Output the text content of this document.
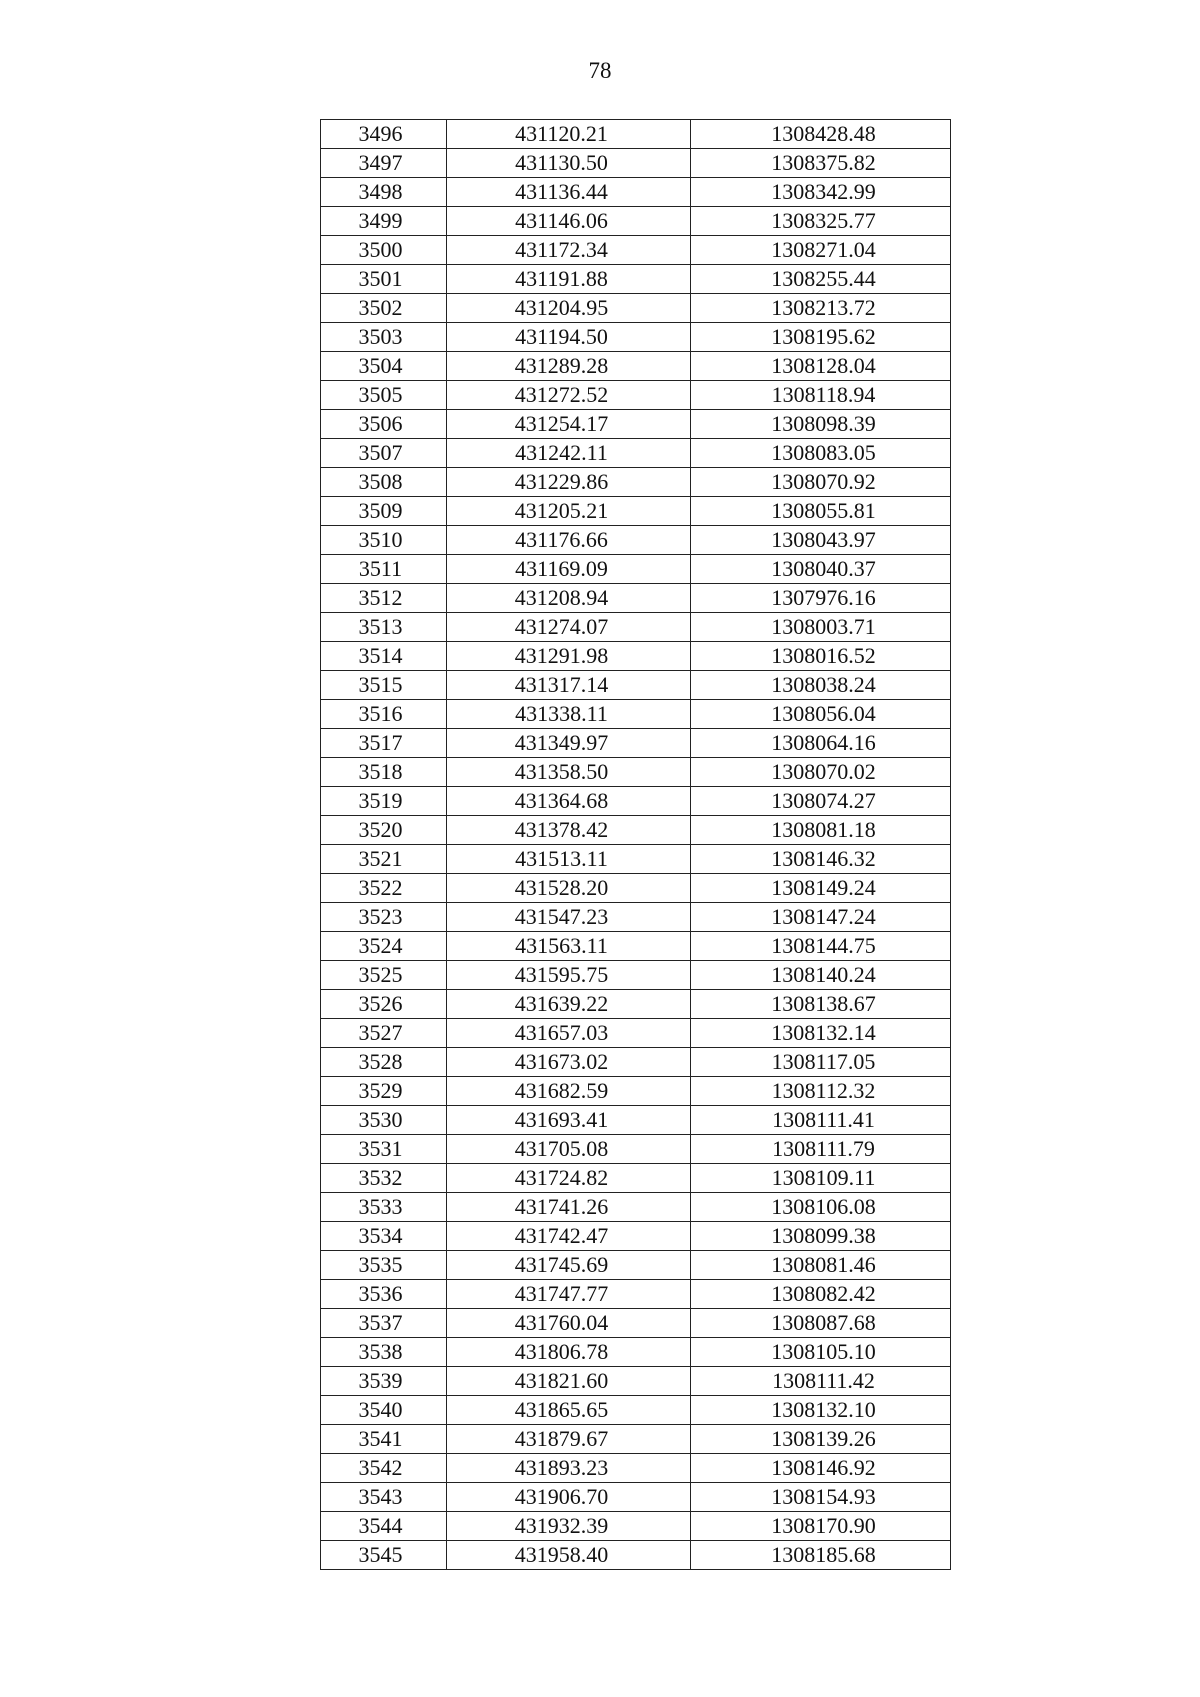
78
3496	431120.21	1308428.48
3497	431130.50	1308375.82
3498	431136.44	1308342.99
3499	431146.06	1308325.77
3500	431172.34	1308271.04
3501	431191.88	1308255.44
3502	431204.95	1308213.72
3503	431194.50	1308195.62
3504	431289.28	1308128.04
3505	431272.52	1308118.94
3506	431254.17	1308098.39
3507	431242.11	1308083.05
3508	431229.86	1308070.92
3509	431205.21	1308055.81
3510	431176.66	1308043.97
3511	431169.09	1308040.37
3512	431208.94	1307976.16
3513	431274.07	1308003.71
3514	431291.98	1308016.52
3515	431317.14	1308038.24
3516	431338.11	1308056.04
3517	431349.97	1308064.16
3518	431358.50	1308070.02
3519	431364.68	1308074.27
3520	431378.42	1308081.18
3521	431513.11	1308146.32
3522	431528.20	1308149.24
3523	431547.23	1308147.24
3524	431563.11	1308144.75
3525	431595.75	1308140.24
3526	431639.22	1308138.67
3527	431657.03	1308132.14
3528	431673.02	1308117.05
3529	431682.59	1308112.32
3530	431693.41	1308111.41
3531	431705.08	1308111.79
3532	431724.82	1308109.11
3533	431741.26	1308106.08
3534	431742.47	1308099.38
3535	431745.69	1308081.46
3536	431747.77	1308082.42
3537	431760.04	1308087.68
3538	431806.78	1308105.10
3539	431821.60	1308111.42
3540	431865.65	1308132.10
3541	431879.67	1308139.26
3542	431893.23	1308146.92
3543	431906.70	1308154.93
3544	431932.39	1308170.90
3545	431958.40	1308185.68
